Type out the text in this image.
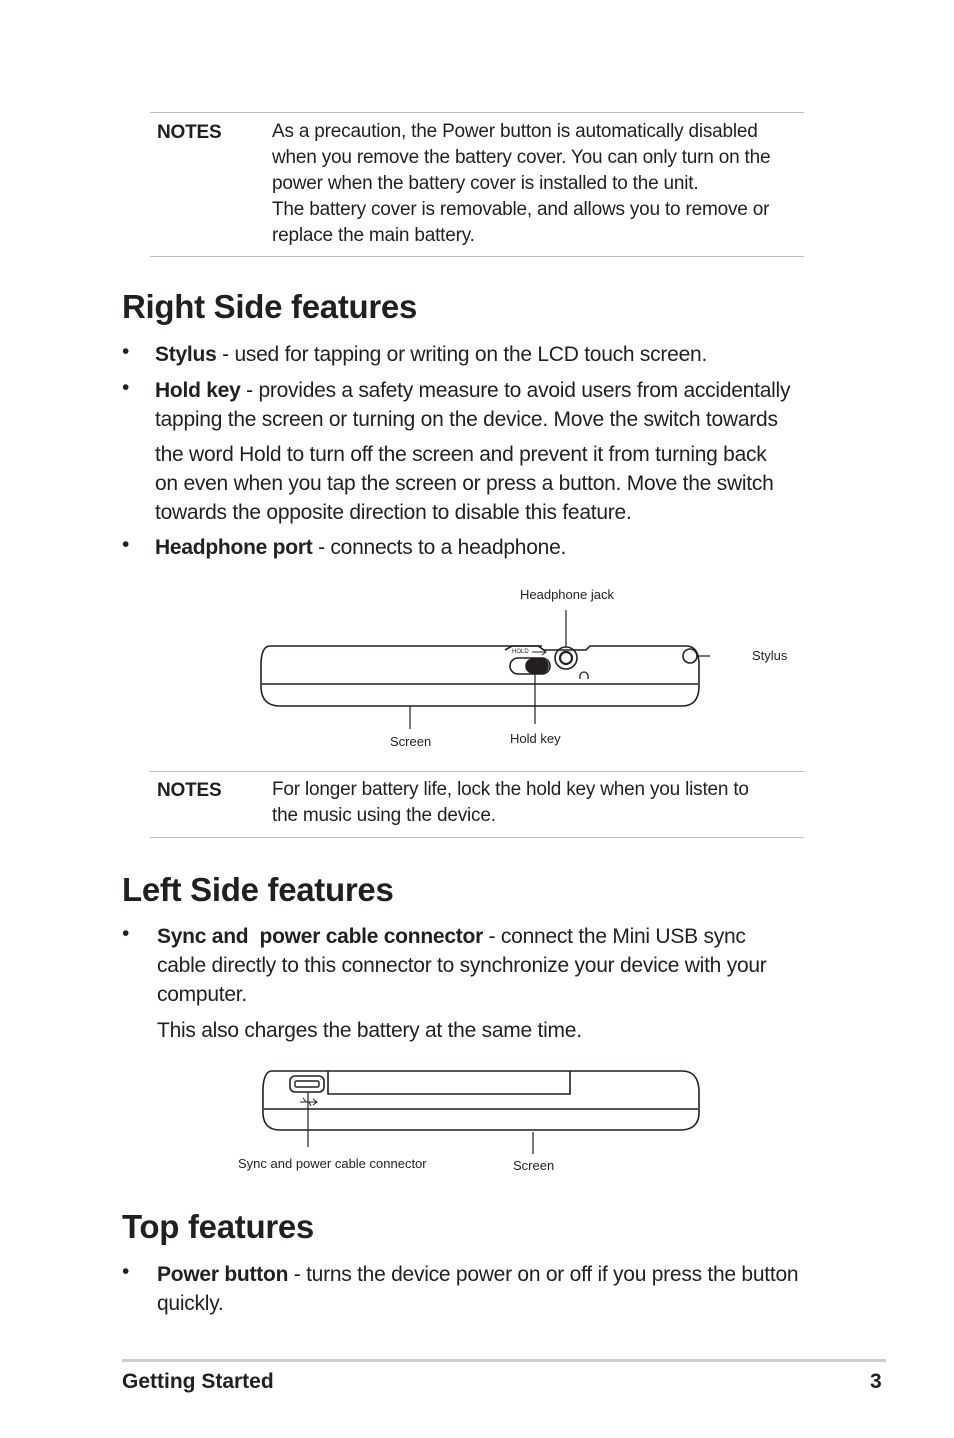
NOTES	As a precaution, the Power button is automatically disabled
when you remove the battery cover. You can only turn on the
power when the battery cover is installed to the unit.
The battery cover is removable, and allows you to remove or
replace the main battery.
Right Side features
• Stylus - used for tapping or writing on the LCD touch screen.
• Hold key - provides a safety measure to avoid users from accidentally
tapping the screen or turning on the device. Move the switch towards
the word Hold to turn off the screen and prevent it from turning back
on even when you tap the screen or press a button. Move the switch
towards the opposite direction to disable this feature.
• Headphone port - connects to a headphone.
HOLD
Headphone jack
Stylus
Screen	Hold key
NOTES	For longer battery life, lock the hold key when you listen to
the music using the device.
Left Side features
• Sync and  power cable connector - connect the Mini USB sync
cable directly to this connector to synchronize your device with your
computer.
This also charges the battery at the same time.
Sync and power cable connector	Screen
Top features
• Power button - turns the device power on or off if you press the button
quickly.
Getting Started	3
